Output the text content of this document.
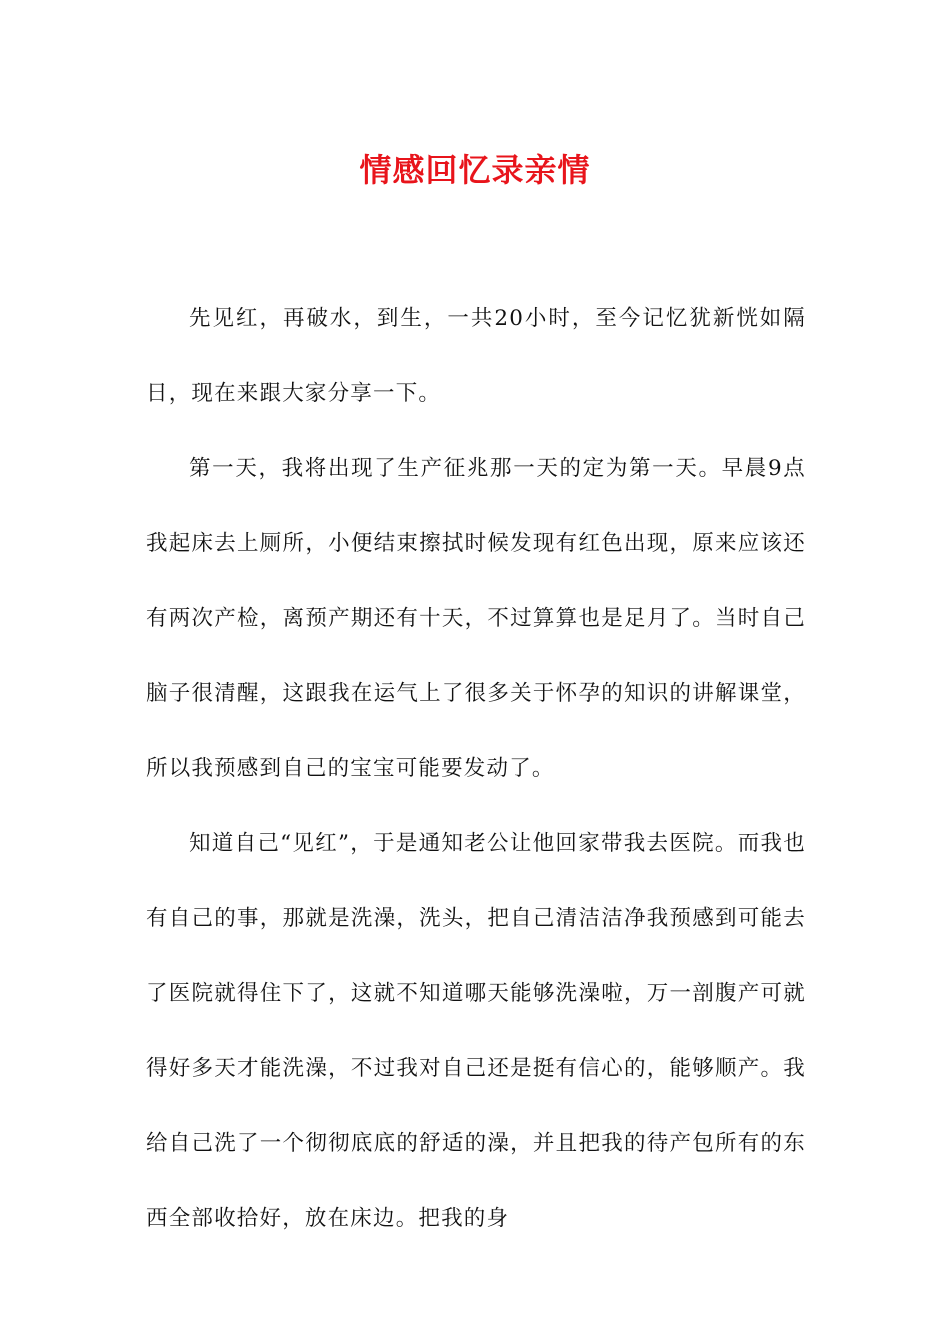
情感回忆录亲情

先见红，再破水，到生，一共20小时，至今记忆犹新恍如隔日，现在来跟大家分享一下。

第一天，我将出现了生产征兆那一天的定为第一天。早晨9点我起床去上厕所，小便结束擦拭时候发现有红色出现，原来应该还有两次产检，离预产期还有十天，不过算算也是足月了。当时自己脑子很清醒，这跟我在运气上了很多关于怀孕的知识的讲解课堂，所以我预感到自己的宝宝可能要发动了。

知道自己“见红”，于是通知老公让他回家带我去医院。而我也有自己的事，那就是洗澡，洗头，把自己清洁洁净我预感到可能去了医院就得住下了，这就不知道哪天能够洗澡啦，万一剖腹产可就得好多天才能洗澡，不过我对自己还是挺有信心的，能够顺产。我给自己洗了一个彻彻底底的舒适的澡，并且把我的待产包所有的东西全部收拾好，放在床边。把我的身
